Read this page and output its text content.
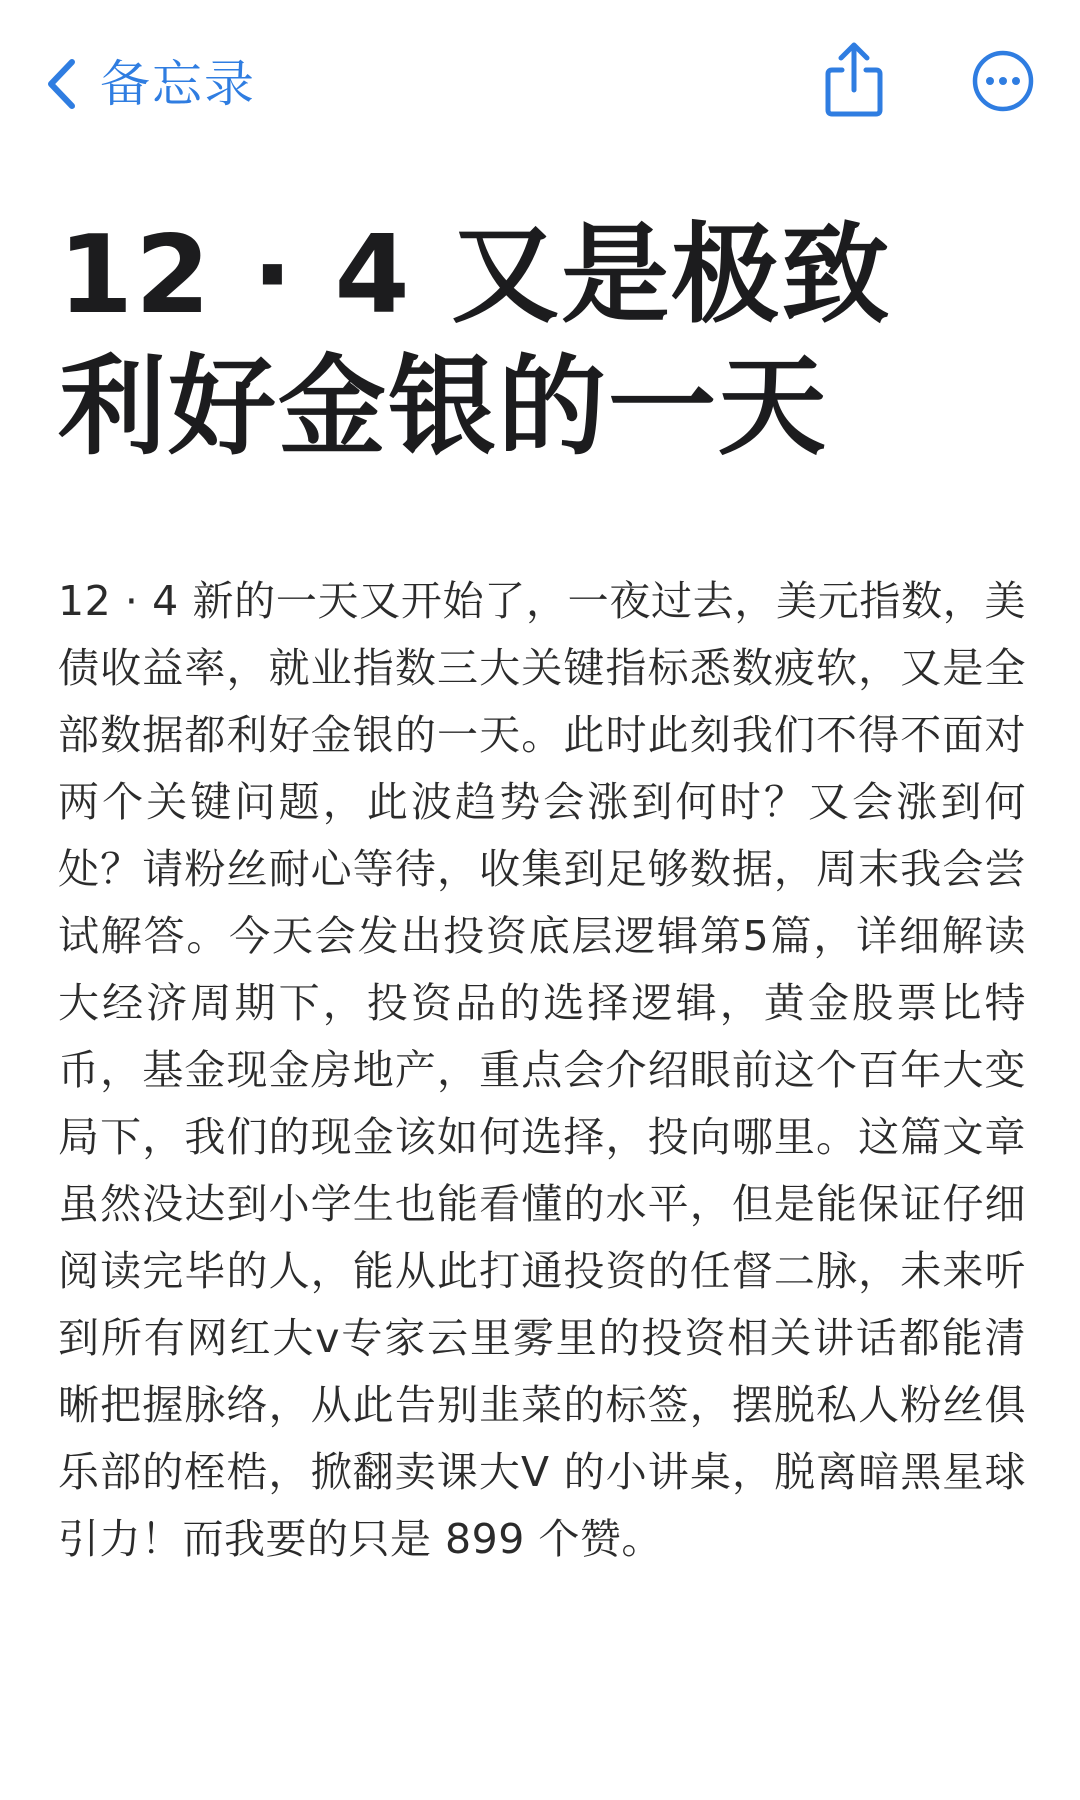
备忘录
12 · 4 又是极致
利好金银的一天

12 · 4 新的一天又开始了，一夜过去，美元指数，美债收益率，就业指数三大关键指标悉数疲软，又是全部数据都利好金银的一天。此时此刻我们不得不面对两个关键问题，此波趋势会涨到何时？又会涨到何处？请粉丝耐心等待，收集到足够数据，周末我会尝试解答。今天会发出投资底层逻辑第5篇，详细解读大经济周期下，投资品的选择逻辑，黄金股票比特币，基金现金房地产，重点会介绍眼前这个百年大变局下，我们的现金该如何选择，投向哪里。这篇文章虽然没达到小学生也能看懂的水平，但是能保证仔细阅读完毕的人，能从此打通投资的任督二脉，未来听到所有网红大v专家云里雾里的投资相关讲话都能清晰把握脉络，从此告别韭菜的标签，摆脱私人粉丝俱乐部的桎梏，掀翻卖课大V 的小讲桌，脱离暗黑星球引力！而我要的只是 899 个赞。
